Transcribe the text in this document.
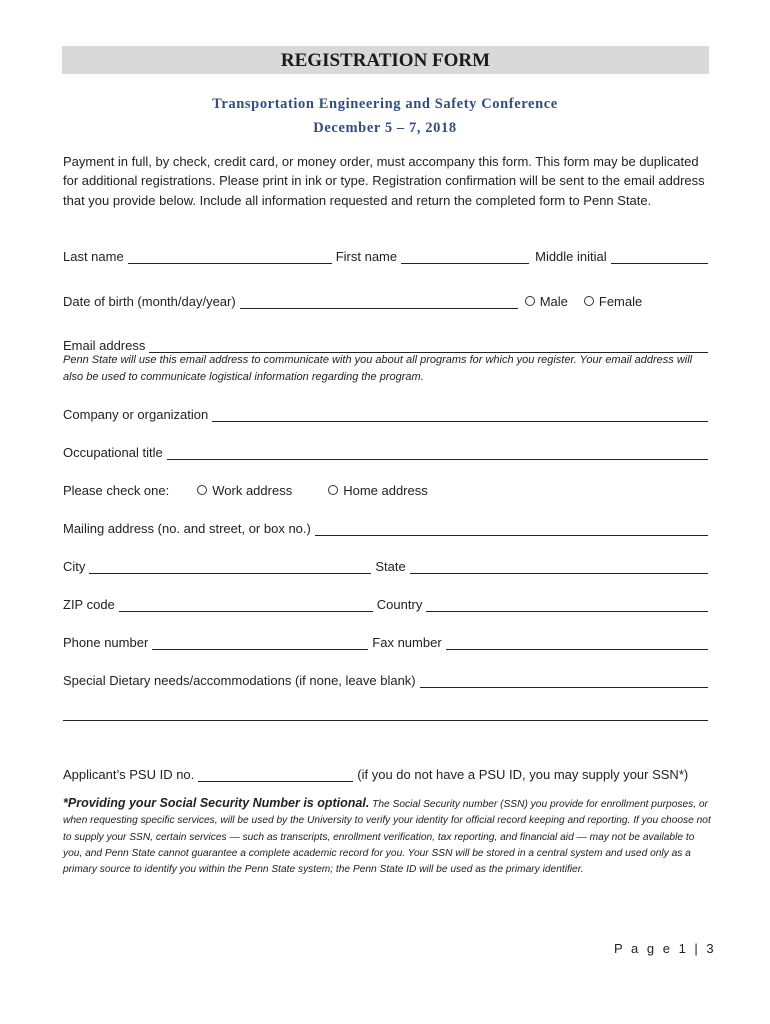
REGISTRATION FORM
Transportation Engineering and Safety Conference
December 5 – 7, 2018
Payment in full, by check, credit card, or money order, must accompany this form. This form may be duplicated for additional registrations. Please print in ink or type. Registration confirmation will be sent to the email address that you provide below. Include all information requested and return the completed form to Penn State.
Last name	First name	Middle initial
Date of birth (month/day/year)	Male Female
Email address
Penn State will use this email address to communicate with you about all programs for which you register. Your email address will also be used to communicate logistical information regarding the program.
Company or organization
Occupational title
Please check one:	Work address	Home address
Mailing address (no. and street, or box no.)
City	State
ZIP code	Country
Phone number	Fax number
Special Dietary needs/accommodations (if none, leave blank)
Applicant’s PSU ID no.	(if you do not have a PSU ID, you may supply your SSN*)
*Providing your Social Security Number is optional. The Social Security number (SSN) you provide for enrollment purposes, or when requesting specific services, will be used by the University to verify your identity for official record keeping and reporting. If you choose not to supply your SSN, certain services — such as transcripts, enrollment verification, tax reporting, and financial aid — may not be available to you, and Penn State cannot guarantee a complete academic record for you. Your SSN will be stored in a central system and used only as a primary source to identify you within the Penn State system; the Penn State ID will be used as the primary identifier.
P a g e 1 | 3
